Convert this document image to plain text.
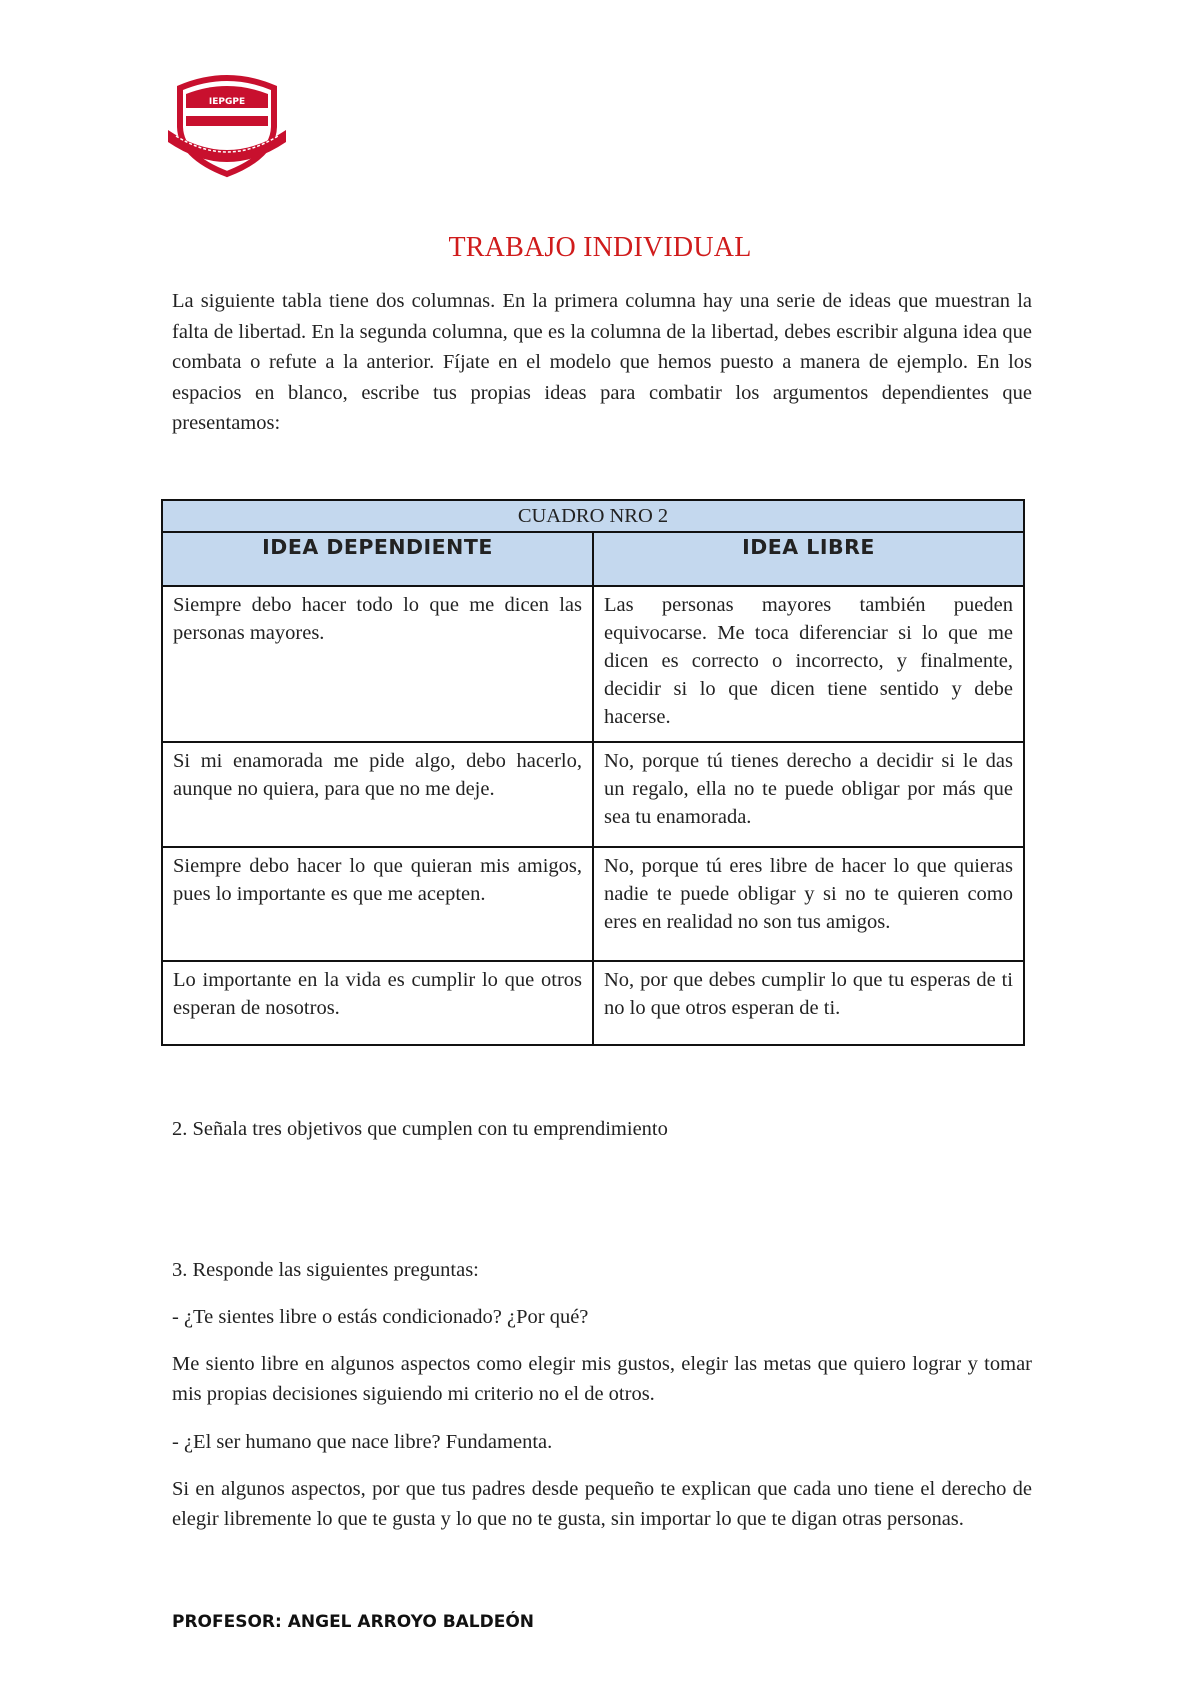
IEPGPE
TRABAJO INDIVIDUAL

La siguiente tabla tiene dos columnas. En la primera columna hay una serie de ideas que muestran la falta de libertad. En la segunda columna, que es la columna de la libertad, debes escribir alguna idea que combata o refute a la anterior. Fíjate en el modelo que hemos puesto a manera de ejemplo. En los espacios en blanco, escribe tus propias ideas para combatir los argumentos dependientes que presentamos:

CUADRO NRO 2	
IDEA DEPENDIENTE	IDEA LIBRE
Siempre debo hacer todo lo que me dicen las personas mayores.	Las personas mayores también pueden equivocarse. Me toca diferenciar si lo que me dicen es correcto o incorrecto, y finalmente, decidir si lo que dicen tiene sentido y debe hacerse.
Si mi enamorada me pide algo, debo hacerlo, aunque no quiera, para que no me deje.	No, porque tú tienes derecho a decidir si le das un regalo, ella no te puede obligar por más que sea tu enamorada.
Siempre debo hacer lo que quieran mis amigos, pues lo importante es que me acepten.	No, porque tú eres libre de hacer lo que quieras nadie te puede obligar y si no te quieren como eres en realidad no son tus amigos.
Lo importante en la vida es cumplir lo que otros esperan de nosotros.	No, por que debes cumplir lo que tu esperas de ti no lo que otros esperan de ti.

2. Señala tres objetivos que cumplen con tu emprendimiento

3. Responde las siguientes preguntas:

- ¿Te sientes libre o estás condicionado? ¿Por qué?

Me siento libre en algunos aspectos como elegir mis gustos, elegir las metas que quiero lograr y tomar mis propias decisiones siguiendo mi criterio no el de otros.

- ¿El ser humano que nace libre? Fundamenta.

Si en algunos aspectos, por que tus padres desde pequeño te explican que cada uno tiene el derecho de elegir libremente lo que te gusta y lo que no te gusta, sin importar lo que te digan otras personas.

PROFESOR: ANGEL ARROYO BALDEÓN
